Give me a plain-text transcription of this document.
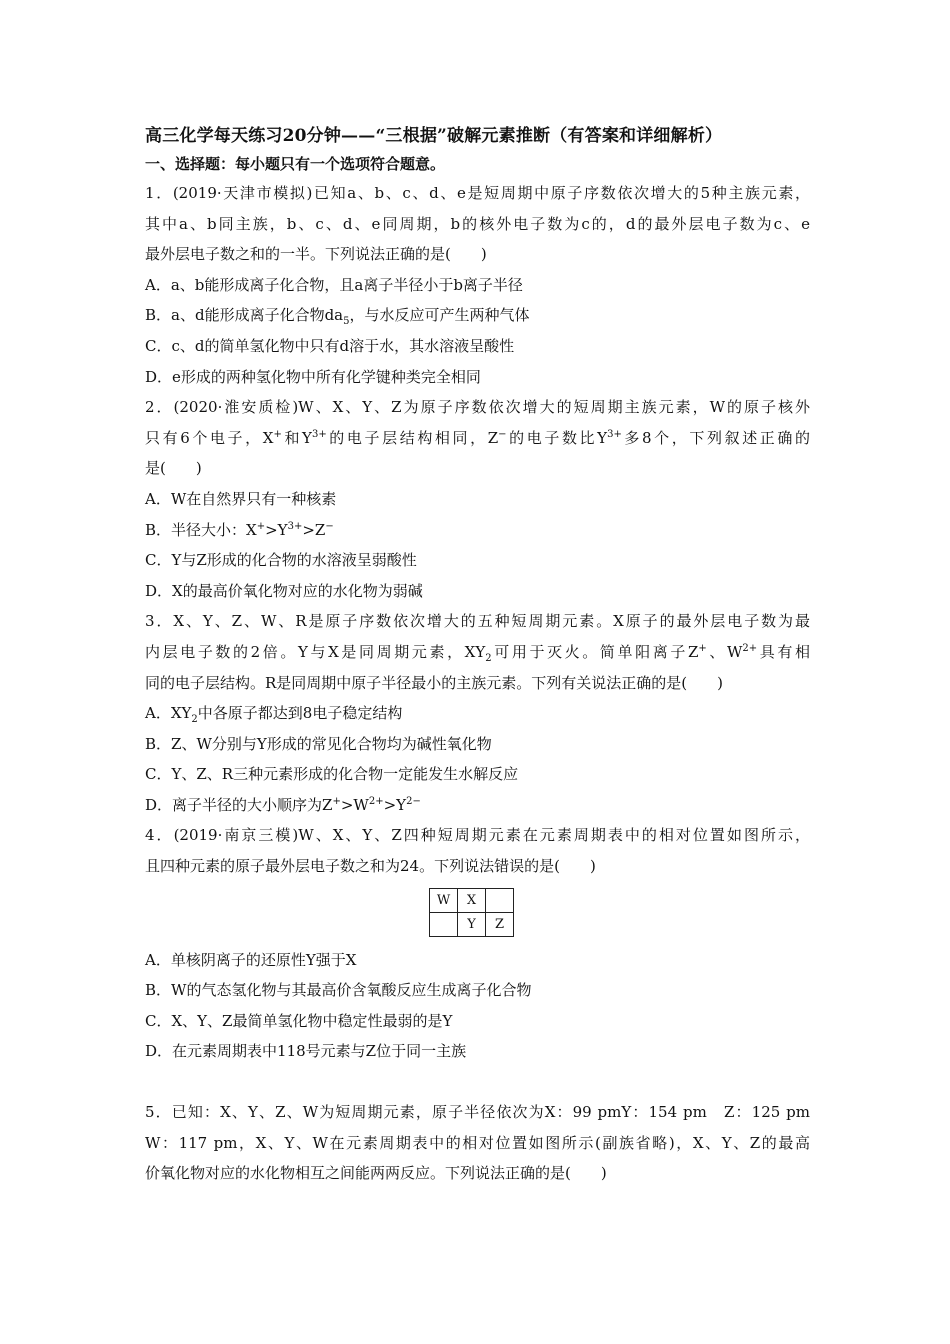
高三化学每天练习20分钟——“三根据”破解元素推断（有答案和详细解析）
一、选择题：每小题只有一个选项符合题意。
1．(2019·天津市模拟)已知a、b、c、d、e是短周期中原子序数依次增大的5种主族元素，
其中a、b同主族，b、c、d、e同周期，b的核外电子数为c的，d的最外层电子数为c、e
最外层电子数之和的一半。下列说法正确的是(　　)
A．a、b能形成离子化合物，且a离子半径小于b离子半径
B．a、d能形成离子化合物$da_5$，与水反应可产生两种气体
C．c、d的简单氢化物中只有d溶于水，其水溶液呈酸性
D．e形成的两种氢化物中所有化学键种类完全相同
2．(2020·淮安质检)W、X、Y、Z为原子序数依次增大的短周期主族元素，W的原子核外
只有6个电子，X+和$Y^{3+}$的电子层结构相同，Z−的电子数比$Y^{3+}$多8个，下列叙述正确的
是(　　)
A．W在自然界只有一种核素
B．半径大小：$X^+>Y^{3+}>Z^-$
C．Y与Z形成的化合物的水溶液呈弱酸性
D．X的最高价氧化物对应的水化物为弱碱
3．X、Y、Z、W、R是原子序数依次增大的五种短周期元素。X原子的最外层电子数为最
内层电子数的2倍。Y与X是同周期元素，$XY_2$可用于灭火。简单阳离子Z+、$W^{2+}$具有相
同的电子层结构。R是同周期中原子半径最小的主族元素。下列有关说法正确的是(　　)
A．$XY_2$中各原子都达到8电子稳定结构
B．Z、W分别与Y形成的常见化合物均为碱性氧化物
C．Y、Z、R三种元素形成的化合物一定能发生水解反应
D．离子半径的大小顺序为$Z^+>W^{2+}>Y^{2-}$
4．(2019·南京三模)W、X、Y、Z四种短周期元素在元素周期表中的相对位置如图所示，
且四种元素的原子最外层电子数之和为24。下列说法错误的是(　　)
W	X	
	Y	Z
A．单核阴离子的还原性Y强于X
B．W的气态氢化物与其最高价含氧酸反应生成离子化合物
C．X、Y、Z最简单氢化物中稳定性最弱的是Y
D．在元素周期表中118号元素与Z位于同一主族
5．已知：X、Y、Z、W为短周期元素，原子半径依次为X：99 pmY：154 pm　Z：125 pm
W：117 pm，X、Y、W在元素周期表中的相对位置如图所示(副族省略)，X、Y、Z的最高
价氧化物对应的水化物相互之间能两两反应。下列说法正确的是(　　)
